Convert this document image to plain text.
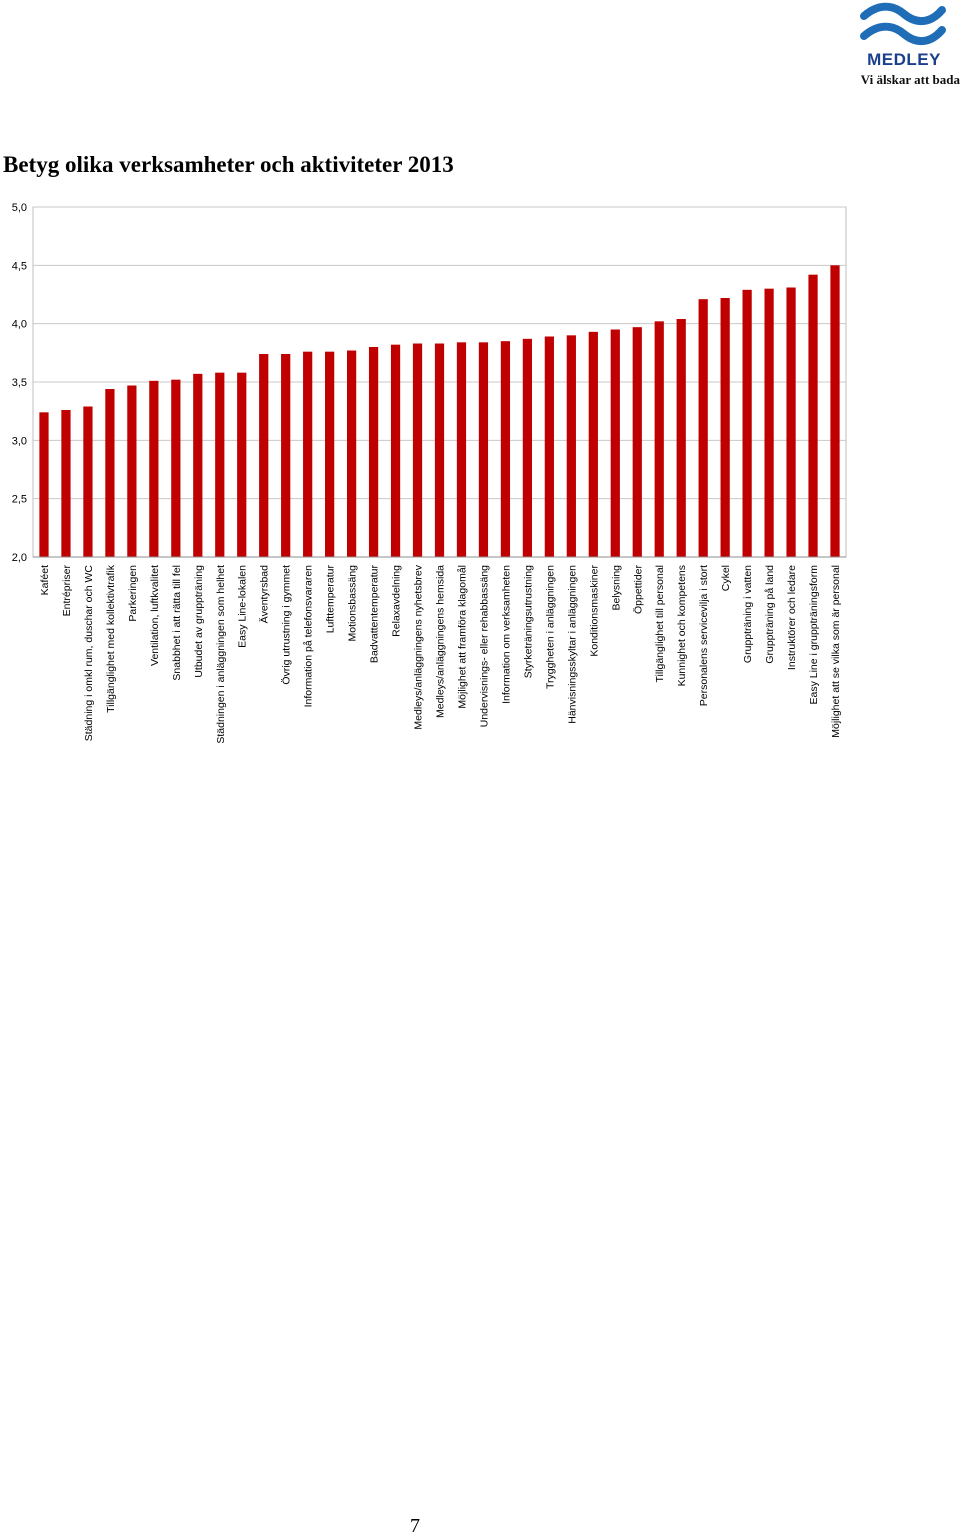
MEDLEY
Vi älskar att bada
Betyg olika verksamheter och aktiviteter 2013
2,0
2,5
3,0
3,5
4,0
4,5
5,0
Kaféet Entrépriser Städning i omkl rum, duschar och WC Tillgänglighet med kollektivtrafik Parkeringen Ventilation, luftkvalitet Snabbhet i att rätta till fel Utbudet av gruppträning Städningen i anläggningen som helhet Easy Line-lokalen Äventyrsbad Övrig utrustning i gymmet Information på telefonsvararen Lufttemperatur Motionsbassäng Badvattentemperatur Relaxavdelning Medleys/anläggningens nyhetsbrev Medleys/anläggningens hemsida Möjlighet att framföra klagomål Undervisnings- eller rehabbassäng Information om verksamheten Styrketräningsutrustning Tryggheten i anläggningen Hänvisningsskyltar i anläggningen Konditionsmaskiner Belysning Öppettider Tillgänglighet till personal Kunnighet och kompetens Personalens servicevilja i stort Cykel Gruppträning i vatten Gruppträning på land Instruktörer och ledare Easy Line i gruppträningsform Möjlighet att se vilka som är personal
7
